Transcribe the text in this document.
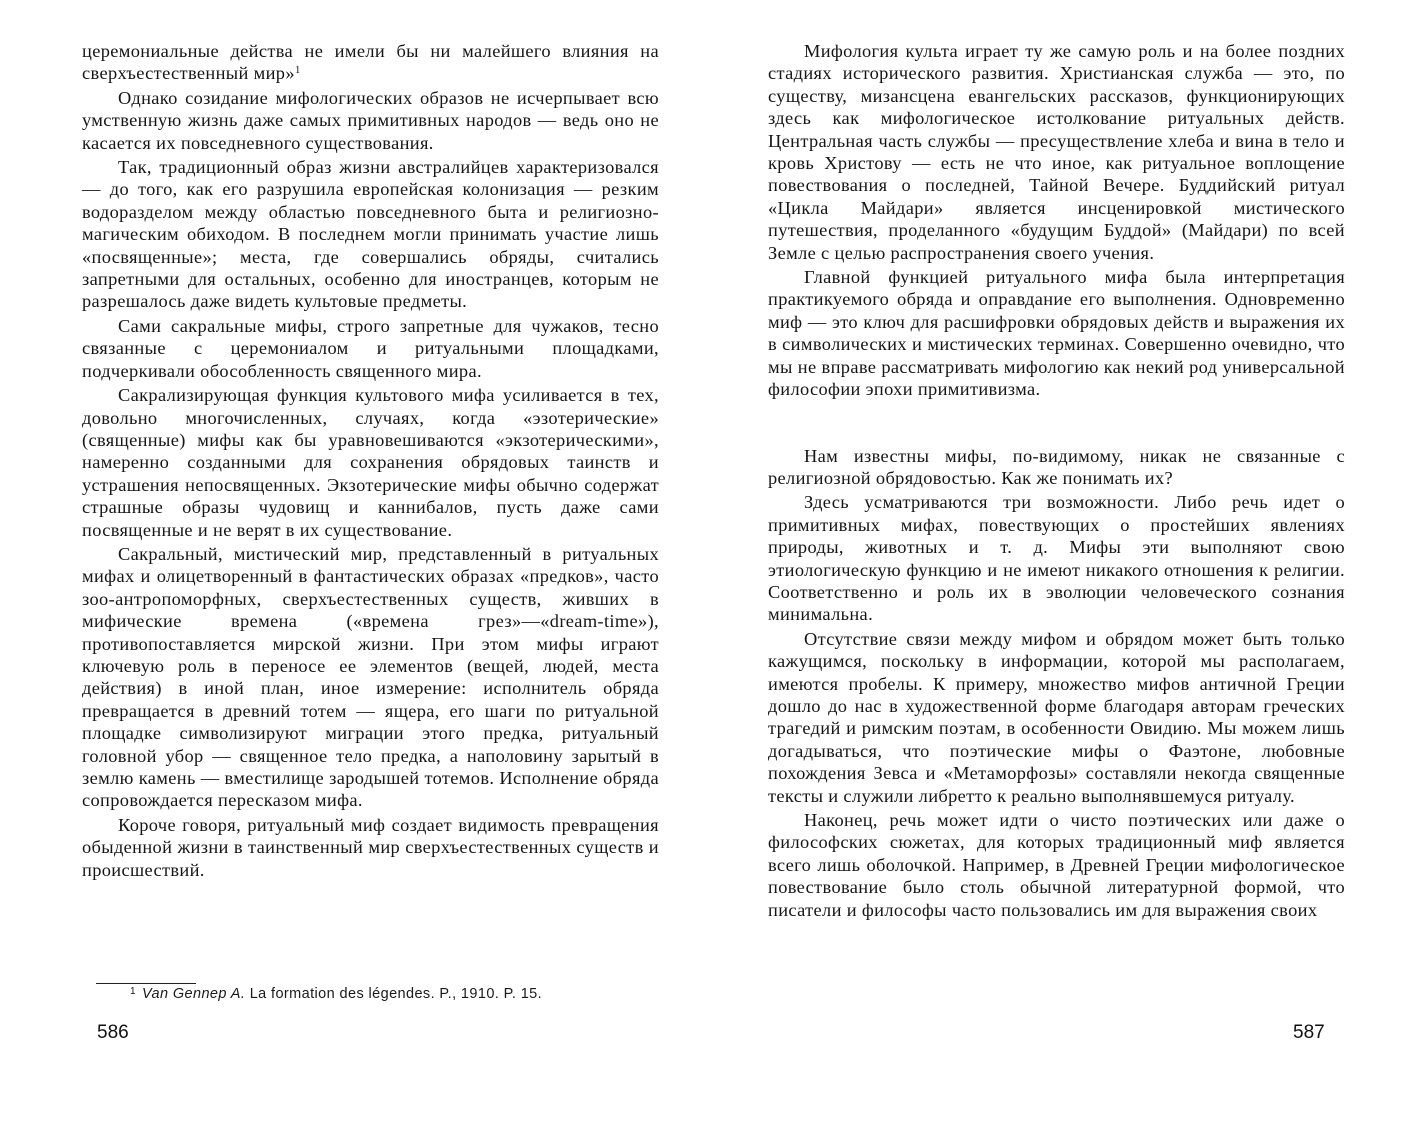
церемониальные действа не имели бы ни малейшего влияния на сверхъестественный мир»$^1$

Однако созидание мифологических образов не исчерпывает всю умственную жизнь даже самых примитивных народов — ведь оно не касается их повседневного существования.

Так, традиционный образ жизни австралийцев характеризовался — до того, как его разрушила европейская колонизация — резким водоразделом между областью повседневного быта и религиозно-магическим обиходом. В последнем могли принимать участие лишь «посвященные»; места, где совершались обряды, считались запретными для остальных, особенно для иностранцев, которым не разрешалось даже видеть культовые предметы.

Сами сакральные мифы, строго запретные для чужаков, тесно связанные с церемониалом и ритуальными площадками, подчеркивали обособленность священного мира.

Сакрализирующая функция культового мифа усиливается в тех, довольно многочисленных, случаях, когда «эзотерические» (священные) мифы как бы уравновешиваются «экзотерическими», намеренно созданными для сохранения обрядовых таинств и устрашения непосвященных. Экзотерические мифы обычно содержат страшные образы чудовищ и каннибалов, пусть даже сами посвященные и не верят в их существование.

Сакральный, мистический мир, представленный в ритуальных мифах и олицетворенный в фантастических образах «предков», часто зоо-антропоморфных, сверхъестественных существ, живших в мифические времена («времена грез»—«dream-time»), противопоставляется мирской жизни. При этом мифы играют ключевую роль в переносе ее элементов (вещей, людей, места действия) в иной план, иное измерение: исполнитель обряда превращается в древний тотем — ящера, его шаги по ритуальной площадке символизируют миграции этого предка, ритуальный головной убор — священное тело предка, а наполовину зарытый в землю камень — вместилище зародышей тотемов. Исполнение обряда сопровождается пересказом мифа.

Короче говоря, ритуальный миф создает видимость превращения обыденной жизни в таинственный мир сверхъестественных существ и происшествий.

$^1$ Van Gennep A. La formation des légendes. P., 1910. P. 15.
586

Мифология культа играет ту же самую роль и на более поздних стадиях исторического развития. Христианская служба — это, по существу, мизансцена евангельских рассказов, функционирующих здесь как мифологическое истолкование ритуальных действ. Центральная часть службы — пресуществление хлеба и вина в тело и кровь Христову — есть не что иное, как ритуальное воплощение повествования о последней, Тайной Вечере. Буддийский ритуал «Цикла Майдари» является инсценировкой мистического путешествия, проделанного «будущим Буддой» (Майдари) по всей Земле с целью распространения своего учения.

Главной функцией ритуального мифа была интерпретация практикуемого обряда и оправдание его выполнения. Одновременно миф — это ключ для расшифровки обрядовых действ и выражения их в символических и мистических терминах. Совершенно очевидно, что мы не вправе рассматривать мифологию как некий род универсальной философии эпохи примитивизма.

Нам известны мифы, по-видимому, никак не связанные с религиозной обрядовостью. Как же понимать их?

Здесь усматриваются три возможности. Либо речь идет о примитивных мифах, повествующих о простейших явлениях природы, животных и т. д. Мифы эти выполняют свою этиологическую функцию и не имеют никакого отношения к религии. Соответственно и роль их в эволюции человеческого сознания минимальна.

Отсутствие связи между мифом и обрядом может быть только кажущимся, поскольку в информации, которой мы располагаем, имеются пробелы. К примеру, множество мифов античной Греции дошло до нас в художественной форме благодаря авторам греческих трагедий и римским поэтам, в особенности Овидию. Мы можем лишь догадываться, что поэтические мифы о Фаэтоне, любовные похождения Зевса и «Метаморфозы» составляли некогда священные тексты и служили либретто к реально выполнявшемуся ритуалу.

Наконец, речь может идти о чисто поэтических или даже о философских сюжетах, для которых традиционный миф является всего лишь оболочкой. Например, в Древней Греции мифологическое повествование было столь обычной литературной формой, что писатели и философы часто пользовались им для выражения своих

587
